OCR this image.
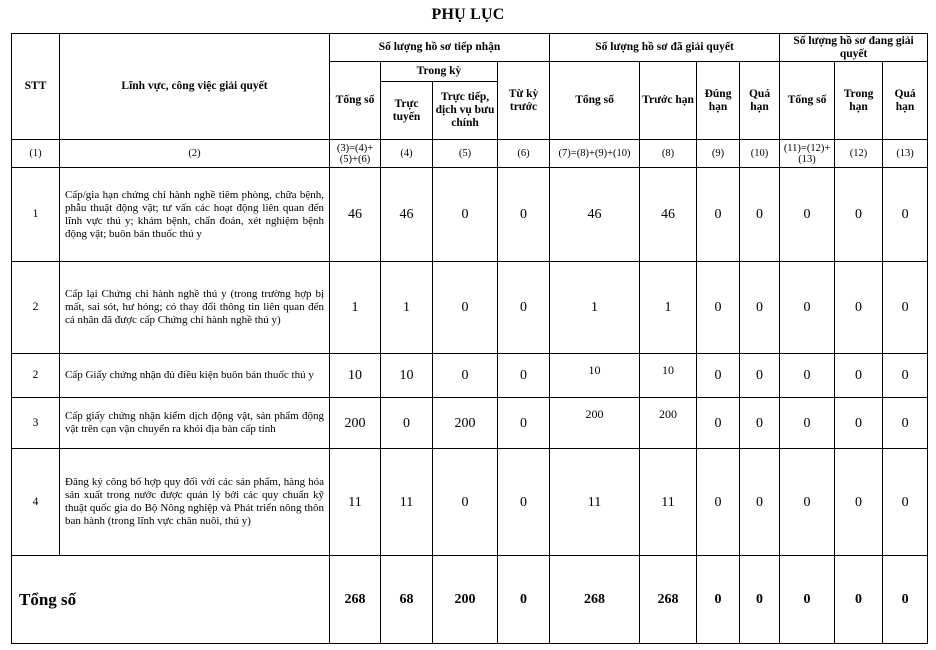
PHỤ LỤC
STT	Lĩnh vực, công việc giải quyết	Số lượng hồ sơ tiếp nhận				Số lượng hồ sơ đã giải quyết				Số lượng hồ sơ đang giải quyết		
		Tổng số	Trong kỳ		Từ kỳ trước	Tổng số	Trước hạn	Đúng hạn	Quá hạn	Tổng số	Trong hạn	Quá hạn
			Trực tuyến	Trực tiếp, dịch vụ bưu chính								
(1)	(2)	(3)=(4)+(5)+(6)	(4)	(5)	(6)	(7)=(8)+(9)+(10)	(8)	(9)	(10)	(11)=(12)+(13)	(12)	(13)
1	Cấp/gia hạn chứng chỉ hành nghề tiêm phòng, chữa bệnh, phẫu thuật động vật; tư vấn các hoạt động liên quan đến lĩnh vực thú y; khám bệnh, chẩn đoán, xét nghiệm bệnh động vật; buôn bán thuốc thú y	46	46	0	0	46	46	0	0	0	0	0
2	Cấp lại Chứng chỉ hành nghề thú y (trong trường hợp bị mất, sai sót, hư hỏng; có thay đổi thông tin liên quan đến cá nhân đã được cấp Chứng chỉ hành nghề thú y)	1	1	0	0	1	1	0	0	0	0	0
2	Cấp Giấy chứng nhận đủ điều kiện buôn bán thuốc thú y	10	10	0	0	10	10	0	0	0	0	0
3	Cấp giấy chứng nhận kiểm dịch động vật, sản phẩm động vật trên cạn vận chuyển ra khỏi địa bàn cấp tỉnh	200	0	200	0	200	200	0	0	0	0	0
4	Đăng ký công bố hợp quy đối với các sản phẩm, hàng hóa sản xuất trong nước được quản lý bởi các quy chuẩn kỹ thuật quốc gia do Bộ Nông nghiệp và Phát triển nông thôn ban hành (trong lĩnh vực chăn nuôi, thú y)	11	11	0	0	11	11	0	0	0	0	0
Tổng số		268	68	200	0	268	268	0	0	0	0	0
